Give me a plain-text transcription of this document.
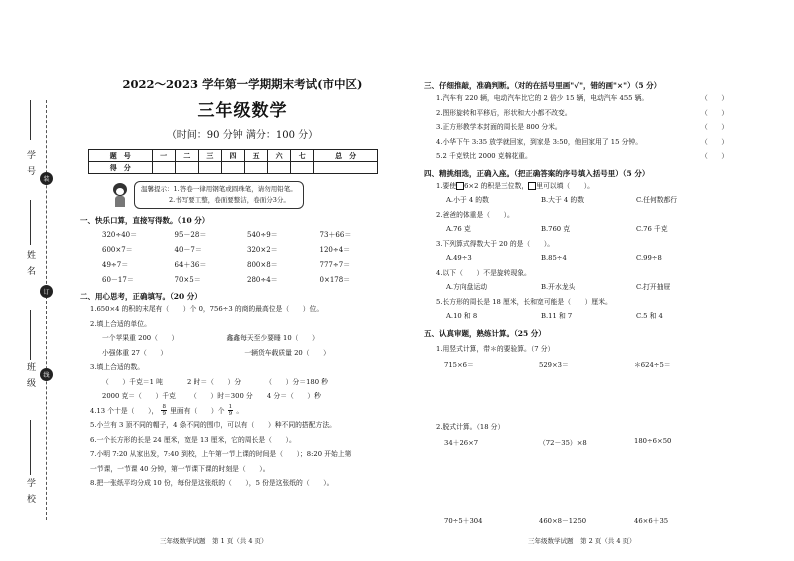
学 号
装
姓 名
订
班 级	线
学 校
2022～2023 学年第一学期期末考试(市中区)
三年级数学
（时间：90 分钟 满分：100 分）
题　号	一	二	三	四	五	六	七	总　分
得　分								
温馨提示：1.答卷一律用钢笔或圆珠笔，请勿用铅笔。
2.书写要工整，卷面要整洁，卷面分3分。
一、快乐口算，直接写得数。（10 分）
320÷40＝	95－28＝	540÷9＝	73＋66＝
600×7＝	40－7＝	320×2＝	120÷4＝
49÷7＝	64＋36＝	800×8＝	777÷7＝
60－17＝	70×5＝	280÷4＝	0×178＝
二、用心思考，正确填写。（20 分）
1.650×4 的积的末尾有（　　）个 0，756÷3 的商的最高位是（　　）位。
2.填上合适的单位。
一个苹果重 200（　　）	鑫鑫每天至少要睡 10（　　）
小强体重 27（　　）	一辆货车载质量 20（　　）
3.填上合适的数。
（　　）千克＝1 吨	2 时＝（　　）分	（　　）分＝180 秒
2000 克＝（　　）千克 （　　）时＝300 分 4 分＝（　　）秒
4.13 个十是（　　）， $\frac{8}{9}$ 里面有（　　）个 $\frac{1}{9}$ 。
5.小兰有 3 顶不同的帽子，4 条不同的围巾，可以有（　　）种不同的搭配方法。
6.一个长方形的长是 24 厘米，宽是 13 厘米，它的周长是（　　）。
7.小明 7:20 从家出发，7:40 到校，上午第一节上课的时间是（　　）；8:20 开始上第
一节课，一节课 40 分钟，第一节课下课的时刻是（　　）。
8.把一张纸平均分成 10 份，每份是这张纸的（　　），5 份是这张纸的（　　）。
三年级数学试题　第 1 页（共 4 页）
三、仔细推敲，准确判断。（对的在括号里画"√"，错的画"×"）（5 分）
1.汽车有 220 辆，电动汽车比它的 2 倍少 15 辆，电动汽车 455 辆。	（　　）
2.图形旋转和平移后，形状和大小都不改变。	（　　）
3.正方形教学本封面的周长是 800 分米。	（　　）
4.小华下午 3:35 放学就回家，到家是 3:50，他回家用了 15 分钟。	（　　）
5.2 千克铁比 2000 克棉花重。	（　　）
四、精挑细选，正确入座。（把正确答案的序号填入括号里）（5 分）
1.要使 6×2 的积是三位数， 里可以填（　　）。
A.小于 4 的数	B.大于 4 的数	C.任何数都行
2.爸爸的体重是（　　）。
A.76 克	B.760 克	C.76 千克
3.下列算式得数大于 20 的是（　　）。
A.49÷3	B.85÷4	C.99÷8
4.以下（　　）不是旋转现象。
A.方向盘运动	B.开水龙头	C.打开抽屉
5.长方形的周长是 18 厘米，长和宽可能是（　　）厘米。
A.10 和 8	B.11 和 7	C.5 和 4
五、认真审题，熟练计算。（25 分）
1.用竖式计算，带＊的要验算。（7 分）
715×6＝	529×3＝	＊624÷5＝
2.脱式计算。（18 分）
34＋26×7	（72－35）×8	180÷6×50
70÷5＋304	460×8－1250	46×6＋35
三年级数学试题　第 2 页（共 4 页）
